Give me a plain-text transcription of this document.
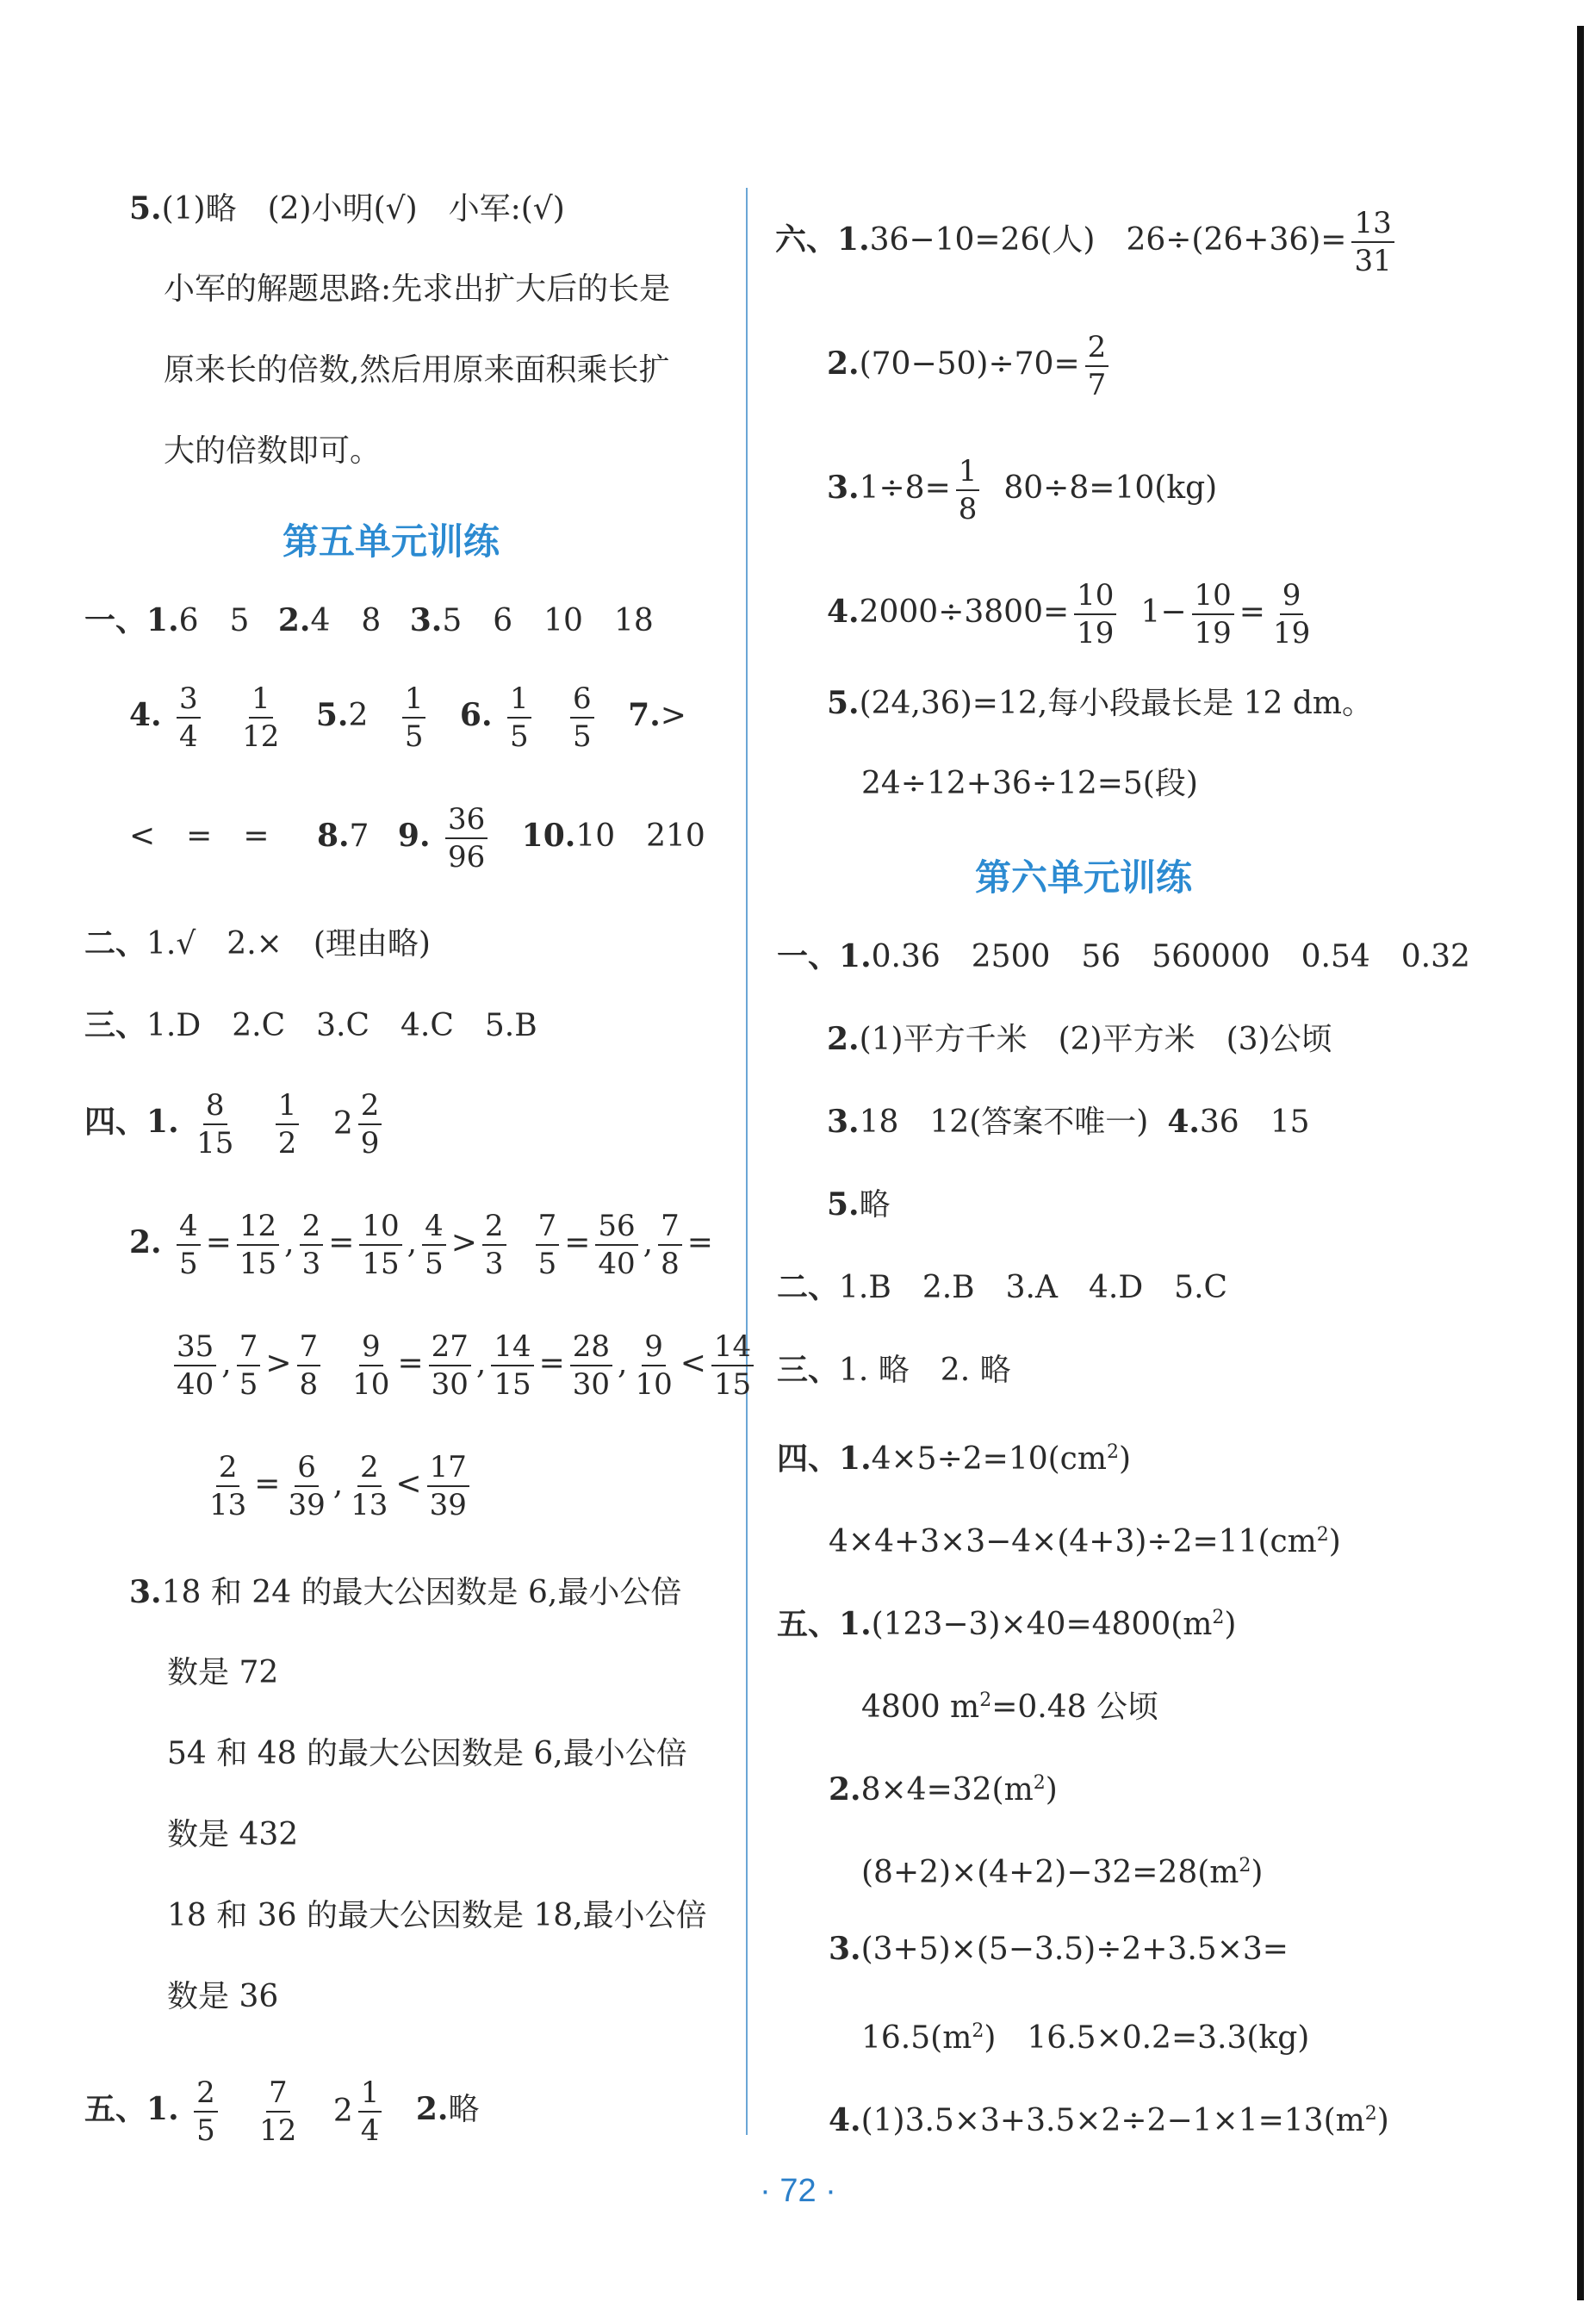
5.(1)略　(2)小明(√)　小军:(√)
小军的解题思路:先求出扩大后的长是
原来长的倍数,然后用原来面积乘长扩
大的倍数即可。
第五单元训练
一、1.6　5 2.4　8 3.5　6　10　18
4. $\frac{3}{4}$
$\frac{1}{12} 5.2 \frac{1}{5} 6$. $\frac{1}{5}$
$\frac{6}{5} 7.>$
<　=　= 8.7 9. $\frac{36}{96} 10.10$　210
二、1.√　2.×　(理由略)
三、1.D　2.C　3.C　4.C　5.B
四、1. $\frac{8}{15}$
$\frac{1}{2}$
$2 \frac{2}{9}$
2. $\frac{4}{5} = \frac{12}{15}$ , $\frac{2}{3} = \frac{10}{15}$ , $\frac{4}{5} > \frac{2}{3} \frac{7}{5} = \frac{56}{40}$ , $\frac{7}{8}$ =
$\frac{35}{40}$ , $\frac{7}{5} > \frac{7}{8} \frac{9}{10} = \frac{27}{30}$ , $\frac{14}{15} = \frac{28}{30}$ , $\frac{9}{10} < \frac{14}{15}$
$\frac{2}{13} = \frac{6}{39}$ , $\frac{2}{13} < \frac{17}{39}$
3.18 和 24 的最大公因数是 6,最小公倍
数是 72
54 和 48 的最大公因数是 6,最小公倍
数是 432
18 和 36 的最大公因数是 18,最小公倍
数是 36
五、1. $\frac{2}{5}$
$\frac{7}{12}$
$2 \frac{1}{4} 2$.略
六、1.36−10=26(人)　$26\div(26+36)= \frac{13}{31}$
$2.(70-50)\div 70= \frac{2}{7}$
$3.1\div 8= \frac{1}{8} 80\div 8=10(kg)$
$4.2000\div 3800= \frac{10}{19} 1- \frac{10}{19} = \frac{9}{19}$
5.(24,36)=12,每小段最长是 12 dm。
24÷12+36÷12=5(段)
第六单元训练
一、1.0.36　2500　56　560000　0.54　0.32
2.(1)平方千米　(2)平方米　(3)公顷
3.18　12(答案不唯一) 4.36　15
5.略
二、1.B　2.B　3.A　4.D　5.C
三、1. 略　2. 略
四、$1.4\times 5\div 2=10(cm^2)$
$4\times 4+3\times 3-4\times(4+3)\div 2=11(cm^2)$
五、$1.(123-3)\times 40=4800(m^2)$
4800 $m^2=0.48$ 公顷
$2.8\times 4=32(m^2)$
$(8+2)\times(4+2)-32=28(m^2)$
3.(3+5)×(5−3.5)÷2+3.5×3=
$16.5(m^2)$　16.5×0.2=3.3(kg)
$4.(1)3.5\times 3+3.5\times 2\div 2-1\times 1=13(m^2)$
· 72 ·
